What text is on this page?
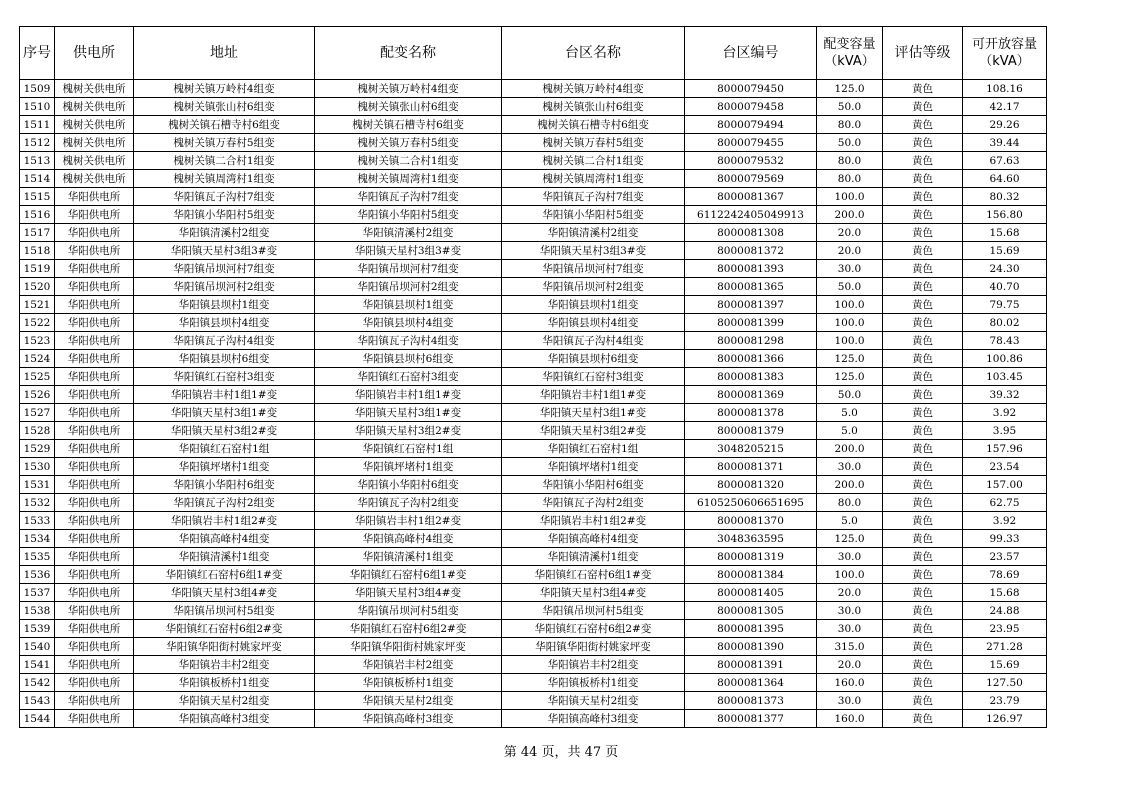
序号	供电所	地址	配变名称	台区名称	台区编号	配变容量（kVA）	评估等级	可开放容量（kVA）
1509	槐树关供电所	槐树关镇万岭村4组变	槐树关镇万岭村4组变	槐树关镇万岭村4组变	8000079450	125.0	黄色	108.16
1510	槐树关供电所	槐树关镇张山村6组变	槐树关镇张山村6组变	槐树关镇张山村6组变	8000079458	50.0	黄色	42.17
1511	槐树关供电所	槐树关镇石槽寺村6组变	槐树关镇石槽寺村6组变	槐树关镇石槽寺村6组变	8000079494	80.0	黄色	29.26
1512	槐树关供电所	槐树关镇万春村5组变	槐树关镇万春村5组变	槐树关镇万春村5组变	8000079455	50.0	黄色	39.44
1513	槐树关供电所	槐树关镇二合村1组变	槐树关镇二合村1组变	槐树关镇二合村1组变	8000079532	80.0	黄色	67.63
1514	槐树关供电所	槐树关镇周湾村1组变	槐树关镇周湾村1组变	槐树关镇周湾村1组变	8000079569	80.0	黄色	64.60
1515	华阳供电所	华阳镇瓦子沟村7组变	华阳镇瓦子沟村7组变	华阳镇瓦子沟村7组变	8000081367	100.0	黄色	80.32
1516	华阳供电所	华阳镇小华阳村5组变	华阳镇小华阳村5组变	华阳镇小华阳村5组变	6112242405049913	200.0	黄色	156.80
1517	华阳供电所	华阳镇清溪村2组变	华阳镇清溪村2组变	华阳镇清溪村2组变	8000081308	20.0	黄色	15.68
1518	华阳供电所	华阳镇天星村3组3#变	华阳镇天星村3组3#变	华阳镇天星村3组3#变	8000081372	20.0	黄色	15.69
1519	华阳供电所	华阳镇吊坝河村7组变	华阳镇吊坝河村7组变	华阳镇吊坝河村7组变	8000081393	30.0	黄色	24.30
1520	华阳供电所	华阳镇吊坝河村2组变	华阳镇吊坝河村2组变	华阳镇吊坝河村2组变	8000081365	50.0	黄色	40.70
1521	华阳供电所	华阳镇县坝村1组变	华阳镇县坝村1组变	华阳镇县坝村1组变	8000081397	100.0	黄色	79.75
1522	华阳供电所	华阳镇县坝村4组变	华阳镇县坝村4组变	华阳镇县坝村4组变	8000081399	100.0	黄色	80.02
1523	华阳供电所	华阳镇瓦子沟村4组变	华阳镇瓦子沟村4组变	华阳镇瓦子沟村4组变	8000081298	100.0	黄色	78.43
1524	华阳供电所	华阳镇县坝村6组变	华阳镇县坝村6组变	华阳镇县坝村6组变	8000081366	125.0	黄色	100.86
1525	华阳供电所	华阳镇红石窑村3组变	华阳镇红石窑村3组变	华阳镇红石窑村3组变	8000081383	125.0	黄色	103.45
1526	华阳供电所	华阳镇岩丰村1组1#变	华阳镇岩丰村1组1#变	华阳镇岩丰村1组1#变	8000081369	50.0	黄色	39.32
1527	华阳供电所	华阳镇天星村3组1#变	华阳镇天星村3组1#变	华阳镇天星村3组1#变	8000081378	5.0	黄色	3.92
1528	华阳供电所	华阳镇天星村3组2#变	华阳镇天星村3组2#变	华阳镇天星村3组2#变	8000081379	5.0	黄色	3.95
1529	华阳供电所	华阳镇红石窑村1组	华阳镇红石窑村1组	华阳镇红石窑村1组	3048205215	200.0	黄色	157.96
1530	华阳供电所	华阳镇坪堵村1组变	华阳镇坪堵村1组变	华阳镇坪堵村1组变	8000081371	30.0	黄色	23.54
1531	华阳供电所	华阳镇小华阳村6组变	华阳镇小华阳村6组变	华阳镇小华阳村6组变	8000081320	200.0	黄色	157.00
1532	华阳供电所	华阳镇瓦子沟村2组变	华阳镇瓦子沟村2组变	华阳镇瓦子沟村2组变	6105250606651695	80.0	黄色	62.75
1533	华阳供电所	华阳镇岩丰村1组2#变	华阳镇岩丰村1组2#变	华阳镇岩丰村1组2#变	8000081370	5.0	黄色	3.92
1534	华阳供电所	华阳镇高峰村4组变	华阳镇高峰村4组变	华阳镇高峰村4组变	3048363595	125.0	黄色	99.33
1535	华阳供电所	华阳镇清溪村1组变	华阳镇清溪村1组变	华阳镇清溪村1组变	8000081319	30.0	黄色	23.57
1536	华阳供电所	华阳镇红石窑村6组1#变	华阳镇红石窑村6组1#变	华阳镇红石窑村6组1#变	8000081384	100.0	黄色	78.69
1537	华阳供电所	华阳镇天星村3组4#变	华阳镇天星村3组4#变	华阳镇天星村3组4#变	8000081405	20.0	黄色	15.68
1538	华阳供电所	华阳镇吊坝河村5组变	华阳镇吊坝河村5组变	华阳镇吊坝河村5组变	8000081305	30.0	黄色	24.88
1539	华阳供电所	华阳镇红石窑村6组2#变	华阳镇红石窑村6组2#变	华阳镇红石窑村6组2#变	8000081395	30.0	黄色	23.95
1540	华阳供电所	华阳镇华阳街村姚家坪变	华阳镇华阳街村姚家坪变	华阳镇华阳街村姚家坪变	8000081390	315.0	黄色	271.28
1541	华阳供电所	华阳镇岩丰村2组变	华阳镇岩丰村2组变	华阳镇岩丰村2组变	8000081391	20.0	黄色	15.69
1542	华阳供电所	华阳镇板桥村1组变	华阳镇板桥村1组变	华阳镇板桥村1组变	8000081364	160.0	黄色	127.50
1543	华阳供电所	华阳镇天星村2组变	华阳镇天星村2组变	华阳镇天星村2组变	8000081373	30.0	黄色	23.79
1544	华阳供电所	华阳镇高峰村3组变	华阳镇高峰村3组变	华阳镇高峰村3组变	8000081377	160.0	黄色	126.97
第 44 页，共 47 页
